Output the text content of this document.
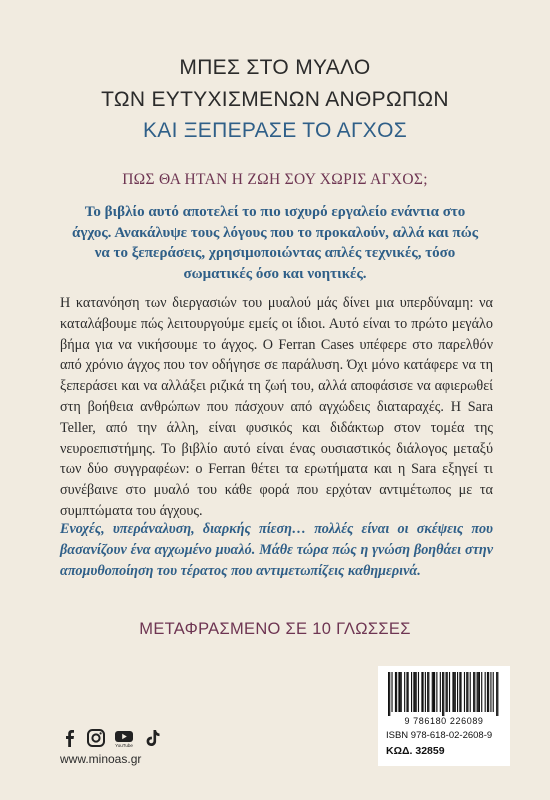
ΜΠΕΣ ΣΤΟ ΜΥΑΛΟ
ΤΩΝ ΕΥΤΥΧΙΣΜΕΝΩΝ ΑΝΘΡΩΠΩΝ
ΚΑΙ ΞΕΠΕΡΑΣΕ ΤΟ ΑΓΧΟΣ
ΠΩΣ ΘΑ ΗΤΑΝ Η ΖΩΗ ΣΟΥ ΧΩΡΙΣ ΑΓΧΟΣ;
Το βιβλίο αυτό αποτελεί το πιο ισχυρό εργαλείο ενάντια στο άγχος. Ανακάλυψε τους λόγους που το προκαλούν, αλλά και πώς να το ξεπεράσεις, χρησιμοποιώντας απλές τεχνικές, τόσο σωματικές όσο και νοητικές.
Η κατανόηση των διεργασιών του μυαλού μάς δίνει μια υπερδύναμη: να καταλάβουμε πώς λειτουργούμε εμείς οι ίδιοι. Αυτό είναι το πρώτο μεγάλο βήμα για να νικήσουμε το άγχος. Ο Ferran Cases υπέφερε στο παρελθόν από χρόνιο άγχος που τον οδήγησε σε παράλυση. Όχι μόνο κατάφερε να τη ξεπεράσει και να αλλάξει ριζικά τη ζωή του, αλλά αποφάσισε να αφιερωθεί στη βοήθεια ανθρώπων που πάσχουν από αγχώδεις διαταραχές. Η Sara Teller, από την άλλη, είναι φυσικός και διδάκτωρ στον τομέα της νευροεπιστήμης. Το βιβλίο αυτό είναι ένας ουσιαστικός διάλογος μεταξύ των δύο συγγραφέων: ο Ferran θέτει τα ερωτήματα και η Sara εξηγεί τι συνέβαινε στο μυαλό του κάθε φορά που ερχόταν αντιμέτωπος με τα συμπτώματα του άγχους.
Ενοχές, υπεράναλυση, διαρκής πίεση… πολλές είναι οι σκέψεις που βασανίζουν ένα αγχωμένο μυαλό. Μάθε τώρα πώς η γνώση βοηθάει στην απομυθοποίηση του τέρατος που αντιμετωπίζεις καθημερινά.
ΜΕΤΑΦΡΑΣΜΕΝΟ ΣΕ 10 ΓΛΩΣΣΕΣ
9 786180 226089
ISBN 978-618-02-2608-9
ΚΩΔ. 32859
YouTube
www.minoas.gr
